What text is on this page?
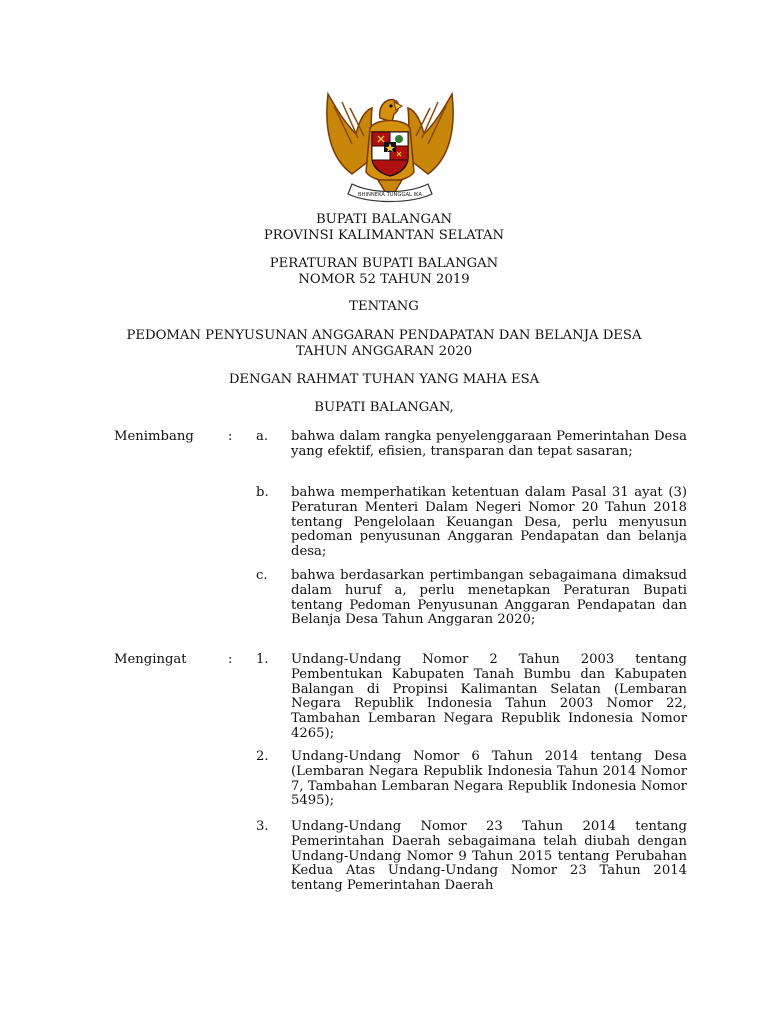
BHINNEKA TUNGGAL IKA
BUPATI BALANGAN
PROVINSI KALIMANTAN SELATAN
PERATURAN BUPATI BALANGAN
NOMOR 52 TAHUN 2019
TENTANG
PEDOMAN PENYUSUNAN ANGGARAN PENDAPATAN DAN BELANJA DESA
TAHUN ANGGARAN 2020
DENGAN RAHMAT TUHAN YANG MAHA ESA
BUPATI BALANGAN,
Menimbang	: a. bahwa dalam rangka penyelenggaraan Pemerintahan Desa yang efektif, efisien, transparan dan tepat sasaran;
b. bahwa memperhatikan ketentuan dalam Pasal 31 ayat (3) Peraturan Menteri Dalam Negeri Nomor 20 Tahun 2018 tentang Pengelolaan Keuangan Desa, perlu menyusun pedoman penyusunan Anggaran Pendapatan dan belanja desa;
c. bahwa berdasarkan pertimbangan sebagaimana dimaksud dalam huruf a, perlu menetapkan Peraturan Bupati tentang Pedoman Penyusunan Anggaran Pendapatan dan Belanja Desa Tahun Anggaran 2020;
Mengingat	: 1. Undang-Undang Nomor 2 Tahun 2003 tentang Pembentukan Kabupaten Tanah Bumbu dan Kabupaten Balangan di Propinsi Kalimantan Selatan (Lembaran Negara Republik Indonesia Tahun 2003 Nomor 22, Tambahan Lembaran Negara Republik Indonesia Nomor 4265);
2. Undang-Undang Nomor 6 Tahun 2014 tentang Desa (Lembaran Negara Republik Indonesia Tahun 2014 Nomor 7, Tambahan Lembaran Negara Republik Indonesia Nomor 5495);
3. Undang-Undang Nomor 23 Tahun 2014 tentang Pemerintahan Daerah sebagaimana telah diubah dengan Undang-Undang Nomor 9 Tahun 2015 tentang Perubahan Kedua Atas Undang-Undang Nomor 23 Tahun 2014 tentang Pemerintahan Daerah
